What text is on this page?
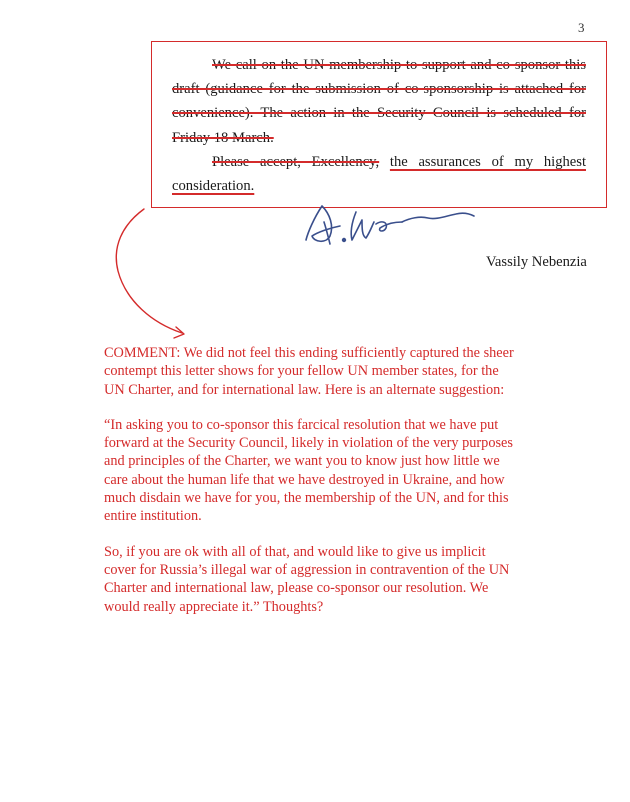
3

We call on the UN membership to support and co-sponsor this draft (guidance for the submission of co-sponsorship is attached for convenience). The action in the Security Council is scheduled for Friday 18 March.

Please accept, Excellency, the assurances of my highest consideration.

Vassily Nebenzia

COMMENT: We did not feel this ending sufficiently captured the sheer contempt this letter shows for your fellow UN member states, for the UN Charter, and for international law. Here is an alternate suggestion:

“In asking you to co-sponsor this farcical resolution that we have put forward at the Security Council, likely in violation of the very purposes and principles of the Charter, we want you to know just how little we care about the human life that we have destroyed in Ukraine, and how much disdain we have for you, the membership of the UN, and for this entire institution.

So, if you are ok with all of that, and would like to give us implicit cover for Russia’s illegal war of aggression in contravention of the UN Charter and international law, please co-sponsor our resolution. We would really appreciate it.” Thoughts?
